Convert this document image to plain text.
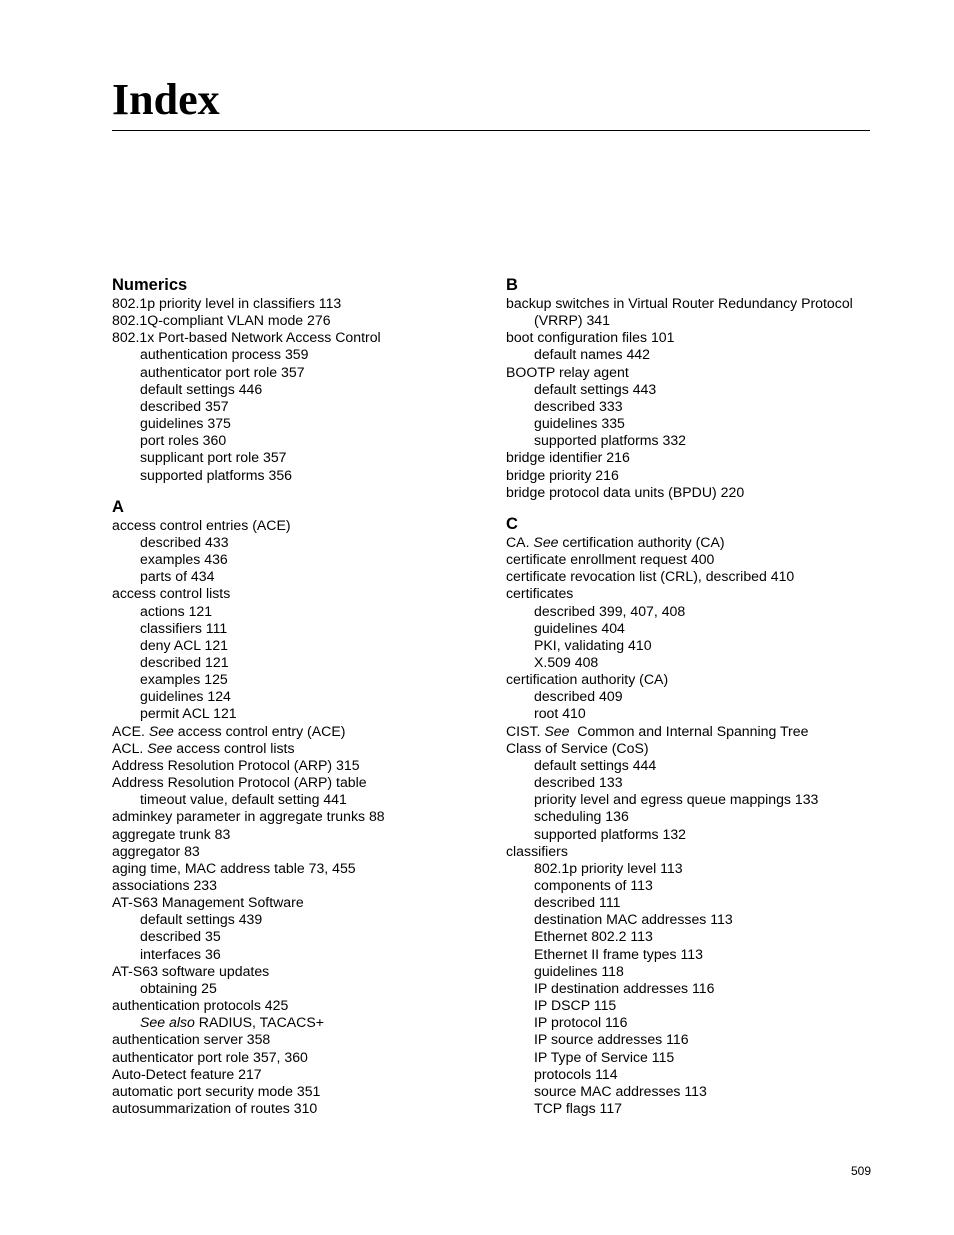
Index
Numerics
802.1p priority level in classifiers 113
802.1Q-compliant VLAN mode 276
802.1x Port-based Network Access Control
authentication process 359
authenticator port role 357
default settings 446
described 357
guidelines 375
port roles 360
supplicant port role 357
supported platforms 356
A
access control entries (ACE)
described 433
examples 436
parts of 434
access control lists
actions 121
classifiers 111
deny ACL 121
described 121
examples 125
guidelines 124
permit ACL 121
ACE. See access control entry (ACE)
ACL. See access control lists
Address Resolution Protocol (ARP) 315
Address Resolution Protocol (ARP) table
timeout value, default setting 441
adminkey parameter in aggregate trunks 88
aggregate trunk 83
aggregator 83
aging time, MAC address table 73, 455
associations 233
AT-S63 Management Software
default settings 439
described 35
interfaces 36
AT-S63 software updates
obtaining 25
authentication protocols 425
See also RADIUS, TACACS+
authentication server 358
authenticator port role 357, 360
Auto-Detect feature 217
automatic port security mode 351
autosummarization of routes 310
B
backup switches in Virtual Router Redundancy Protocol (VRRP) 341
boot configuration files 101
default names 442
BOOTP relay agent
default settings 443
described 333
guidelines 335
supported platforms 332
bridge identifier 216
bridge priority 216
bridge protocol data units (BPDU) 220
C
CA. See certification authority (CA)
certificate enrollment request 400
certificate revocation list (CRL), described 410
certificates
described 399, 407, 408
guidelines 404
PKI, validating 410
X.509 408
certification authority (CA)
described 409
root 410
CIST. See  Common and Internal Spanning Tree
Class of Service (CoS)
default settings 444
described 133
priority level and egress queue mappings 133
scheduling 136
supported platforms 132
classifiers
802.1p priority level 113
components of 113
described 111
destination MAC addresses 113
Ethernet 802.2 113
Ethernet II frame types 113
guidelines 118
IP destination addresses 116
IP DSCP 115
IP protocol 116
IP source addresses 116
IP Type of Service 115
protocols 114
source MAC addresses 113
TCP flags 117
509
